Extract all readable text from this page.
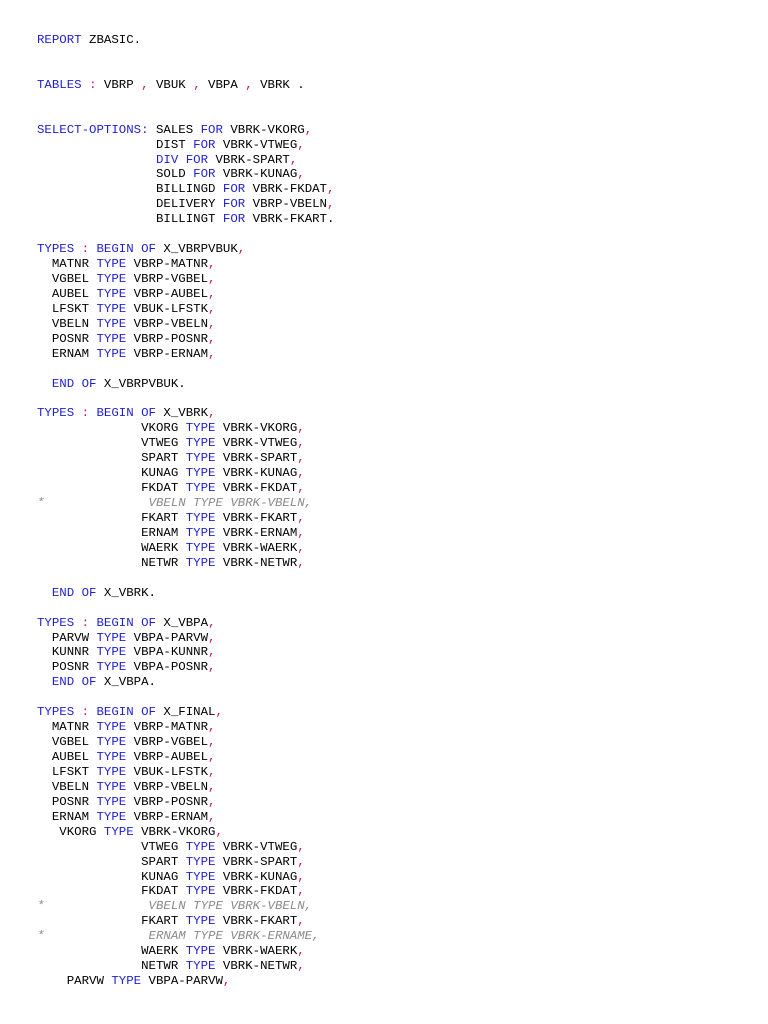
REPORT ZBASIC.
TABLES : VBRP , VBUK , VBPA , VBRK .
SELECT-OPTIONS: SALES FOR VBRK-VKORG,
DIST FOR VBRK-VTWEG,
DIV FOR VBRK-SPART,
SOLD FOR VBRK-KUNAG,
BILLINGD FOR VBRK-FKDAT,
DELIVERY FOR VBRP-VBELN,
BILLINGT FOR VBRK-FKART.
TYPES : BEGIN OF X_VBRPVBUK,
MATNR TYPE VBRP-MATNR,
VGBEL TYPE VBRP-VGBEL,
AUBEL TYPE VBRP-AUBEL,
LFSKT TYPE VBUK-LFSTK,
VBELN TYPE VBRP-VBELN,
POSNR TYPE VBRP-POSNR,
ERNAM TYPE VBRP-ERNAM,
END OF X_VBRPVBUK.
TYPES : BEGIN OF X_VBRK,
VKORG TYPE VBRK-VKORG,
VTWEG TYPE VBRK-VTWEG,
SPART TYPE VBRK-SPART,
KUNAG TYPE VBRK-KUNAG,
FKDAT TYPE VBRK-FKDAT,
*              VBELN TYPE VBRK-VBELN,
FKART TYPE VBRK-FKART,
ERNAM TYPE VBRK-ERNAM,
WAERK TYPE VBRK-WAERK,
NETWR TYPE VBRK-NETWR,
END OF X_VBRK.
TYPES : BEGIN OF X_VBPA,
PARVW TYPE VBPA-PARVW,
KUNNR TYPE VBPA-KUNNR,
POSNR TYPE VBPA-POSNR,
END OF X_VBPA.
TYPES : BEGIN OF X_FINAL,
MATNR TYPE VBRP-MATNR,
VGBEL TYPE VBRP-VGBEL,
AUBEL TYPE VBRP-AUBEL,
LFSKT TYPE VBUK-LFSTK,
VBELN TYPE VBRP-VBELN,
POSNR TYPE VBRP-POSNR,
ERNAM TYPE VBRP-ERNAM,
VKORG TYPE VBRK-VKORG,
VTWEG TYPE VBRK-VTWEG,
SPART TYPE VBRK-SPART,
KUNAG TYPE VBRK-KUNAG,
FKDAT TYPE VBRK-FKDAT,
*              VBELN TYPE VBRK-VBELN,
FKART TYPE VBRK-FKART,
*              ERNAM TYPE VBRK-ERNAME,
WAERK TYPE VBRK-WAERK,
NETWR TYPE VBRK-NETWR,
PARVW TYPE VBPA-PARVW,
